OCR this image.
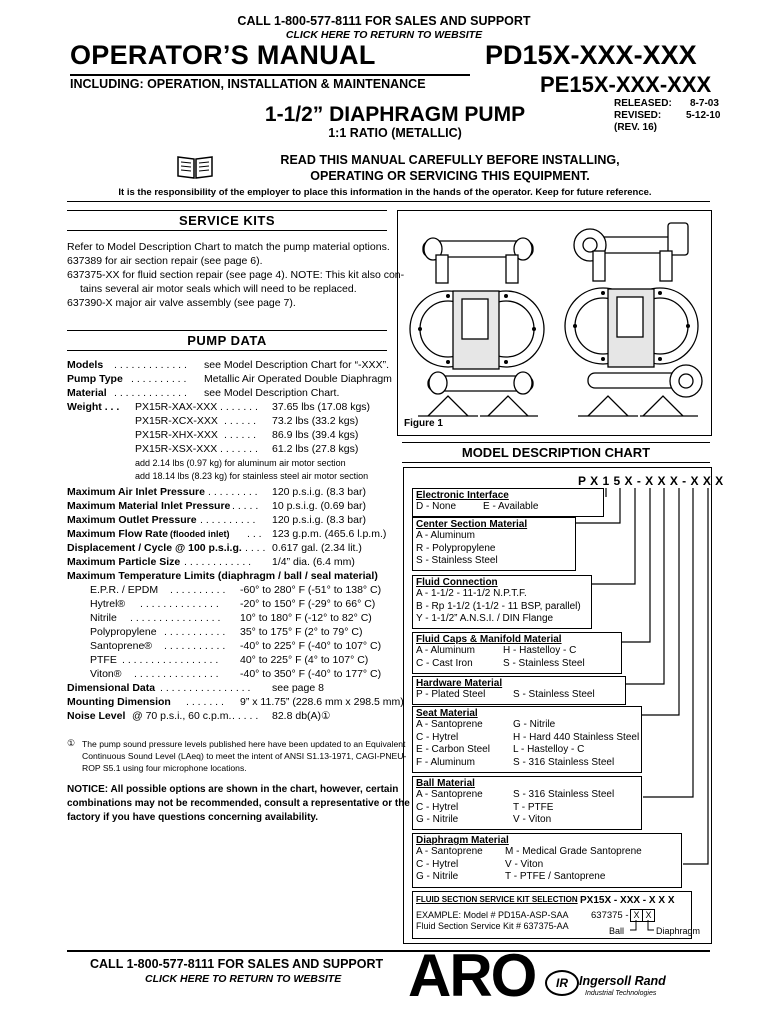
CALL 1-800-577-8111 FOR SALES AND SUPPORT
CLICK HERE TO RETURN TO WEBSITE
OPERATOR’S MANUAL
INCLUDING: OPERATION, INSTALLATION & MAINTENANCE
PD15X-XXX-XXX
PE15X-XXX-XXX
1-1/2” DIAPHRAGM PUMP
1:1 RATIO (METALLIC)
RELEASED: 8-7-03
REVISED: 5-12-10
(REV. 16)
READ THIS MANUAL CAREFULLY BEFORE INSTALLING,
OPERATING OR SERVICING THIS EQUIPMENT.
It is the responsibility of the employer to place this information in the hands of the operator. Keep for future reference.
SERVICE KITS
Refer to Model Description Chart to match the pump material options.
637389 for air section repair (see page 6).
637375-XX for fluid section repair (see page 4). NOTE: This kit also con-
tains several air motor seals which will need to be replaced.
637390-X major air valve assembly (see page 7).
PUMP DATA
Models . . . . . . . . . . . . . see Model Description Chart for “-XXX”.
Pump Type . . . . . . . . . . Metallic Air Operated Double Diaphragm
Material . . . . . . . . . . . . . see Model Description Chart.
Weight . . . PX15R-XAX-XXX . . . . . . . 37.65 lbs (17.08 kgs)
PX15R-XCX-XXX . . . . . . 73.2 lbs (33.2 kgs)
PX15R-XHX-XXX . . . . . . 86.9 lbs (39.4 kgs)
PX15R-XSX-XXX . . . . . . . 61.2 lbs (27.8 kgs)
add 2.14 lbs (0.97 kg) for aluminum air motor section
add 18.14 lbs (8.23 kg) for stainless steel air motor section
Maximum Air Inlet Pressure . . . . . . . . . 120 p.s.i.g. (8.3 bar)
Maximum Material Inlet Pressure . . . . . 10 p.s.i.g. (0.69 bar)
Maximum Outlet Pressure . . . . . . . . . . 120 p.s.i.g. (8.3 bar)
Maximum Flow Rate (flooded inlet) . . . 123 g.p.m. (465.6 l.p.m.)
Displacement / Cycle @ 100 p.s.i.g. . . . . 0.617 gal. (2.34 lit.)
Maximum Particle Size . . . . . . . . . . . . 1/4” dia. (6.4 mm)
Maximum Temperature Limits (diaphragm / ball / seal material)
E.P.R. / EPDM . . . . . . . . . . -60° to 280° F (-51° to 138° C)
Hytrel® . . . . . . . . . . . . . . -20° to 150° F (-29° to 66° C)
Nitrile . . . . . . . . . . . . . . . . 10° to 180° F (-12° to 82° C)
Polypropylene . . . . . . . . . . . 35° to 175° F (2° to 79° C)
Santoprene® . . . . . . . . . . . -40° to 225° F (-40° to 107° C)
PTFE . . . . . . . . . . . . . . . . . 40° to 225° F (4° to 107° C)
Viton® . . . . . . . . . . . . . . . -40° to 350° F (-40° to 177° C)
Dimensional Data . . . . . . . . . . . . . . . . see page 8
Mounting Dimension . . . . . . . 9” x 11.75” (228.6 mm x 298.5 mm)
Noise Level @ 70 p.s.i., 60 c.p.m. . . . . . 82.8 db(A)①
① The pump sound pressure levels published here have been updated to an Equivalent
Continuous Sound Level (LAeq) to meet the intent of ANSI S1.13-1971, CAGI-PNEU-
ROP S5.1 using four microphone locations.
NOTICE: All possible options are shown in the chart, however, certain
combinations may not be recommended, consult a representative or the
factory if you have questions concerning availability.
Figure 1
MODEL DESCRIPTION CHART
P X 1 5 X - X X X - X X X
Electronic Interface
D - None	E - Available
Center Section Material
A - Aluminum
R - Polypropylene
S - Stainless Steel
Fluid Connection
A - 1-1/2 - 11-1/2 N.P.T.F.
B - Rp 1-1/2 (1-1/2 - 11 BSP, parallel)
Y - 1-1/2” A.N.S.I. / DIN Flange
Fluid Caps & Manifold Material
A - Aluminum	H - Hastelloy - C
C - Cast Iron	S - Stainless Steel
Hardware Material
P - Plated Steel	S - Stainless Steel
Seat Material
A - Santoprene	G - Nitrile
C - Hytrel	H - Hard 440 Stainless Steel
E - Carbon Steel L - Hastelloy - C
F - Aluminum	S - 316 Stainless Steel
Ball Material
A - Santoprene	S - 316 Stainless Steel
C - Hytrel	T - PTFE
G - Nitrile	V - Viton
Diaphragm Material
A - Santoprene M - Medical Grade Santoprene
C - Hytrel	V - Viton
G - Nitrile	T - PTFE / Santoprene
FLUID SECTION SERVICE KIT SELECTION PX15X - XXX - X X X
EXAMPLE: Model # PD15A-ASP-SAA
Fluid Section Service Kit # 637375-AA
637375 - X X
Ball	Diaphragm
CALL 1-800-577-8111 FOR SALES AND SUPPORT
CLICK HERE TO RETURN TO WEBSITE ARO	IR Ingersoll Rand
Industrial Technologies
